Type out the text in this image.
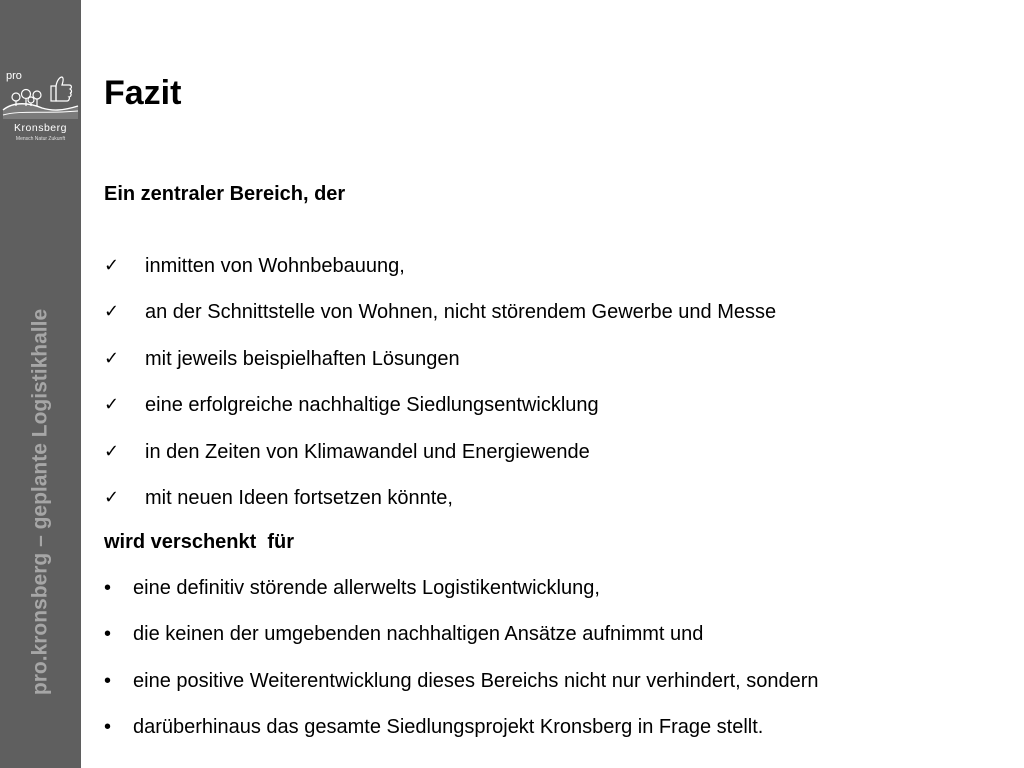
pro
Kronsberg
Mensch Natur Zukunft
pro.kronsberg – geplante Logistikhalle
Fazit
Ein zentraler Bereich, der
✓ inmitten von Wohnbebauung,
✓ an der Schnittstelle von Wohnen, nicht störendem Gewerbe und Messe
✓ mit jeweils beispielhaften Lösungen
✓ eine erfolgreiche nachhaltige Siedlungsentwicklung
✓ in den Zeiten von Klimawandel und Energiewende
✓ mit neuen Ideen fortsetzen könnte,
wird verschenkt  für
• eine definitiv störende allerwelts Logistikentwicklung,
• die keinen der umgebenden nachhaltigen Ansätze aufnimmt und
• eine positive Weiterentwicklung dieses Bereichs nicht nur verhindert, sondern
• darüberhinaus das gesamte Siedlungsprojekt Kronsberg in Frage stellt.
